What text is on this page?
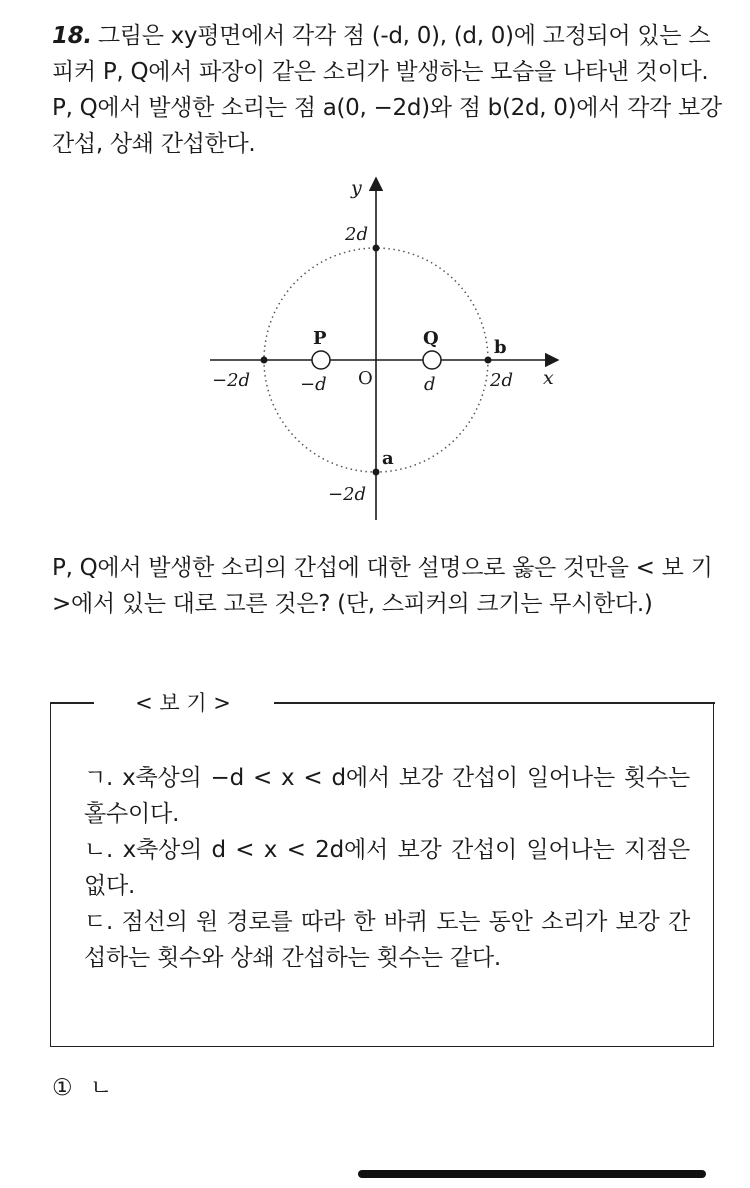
18. 그림은 xy평면에서 각각 점 (-d, 0), (d, 0)에 고정되어 있는 스피커 P, Q에서 파장이 같은 소리가 발생하는 모습을 나타낸 것이다. P, Q에서 발생한 소리는 점 a(0, −2d)와 점 b(2d, 0)에서 각각 보강 간섭, 상쇄 간섭한다.
y
x
2d
−2d
−2d	−d	d	2d
O
P	Q	b
a
P, Q에서 발생한 소리의 간섭에 대한 설명으로 옳은 것만을 < 보 기 >에서 있는 대로 고른 것은? (단, 스피커의 크기는 무시한다.)
< 보 기 >
ㄱ. x축상의 −d < x < d에서 보강 간섭이 일어나는 횟수는 홀수이다.
ㄴ. x축상의 d < x < 2d에서 보강 간섭이 일어나는 지점은 없다.
ㄷ. 점선의 원 경로를 따라 한 바퀴 도는 동안 소리가 보강 간섭하는 횟수와 상쇄 간섭하는 횟수는 같다.
① ㄴ
